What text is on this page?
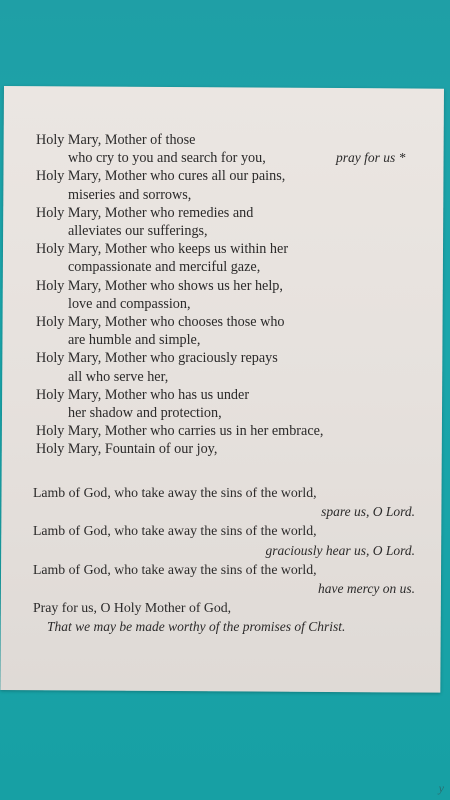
Holy Mary, Mother of those
who cry to you and search for you,	pray for us *
Holy Mary, Mother who cures all our pains,
miseries and sorrows,
Holy Mary, Mother who remedies and
alleviates our sufferings,
Holy Mary, Mother who keeps us within her
compassionate and merciful gaze,
Holy Mary, Mother who shows us her help,
love and compassion,
Holy Mary, Mother who chooses those who
are humble and simple,
Holy Mary, Mother who graciously repays
all who serve her,
Holy Mary, Mother who has us under
her shadow and protection,
Holy Mary, Mother who carries us in her embrace,
Holy Mary, Fountain of our joy,
Lamb of God, who take away the sins of the world,
spare us, O Lord.
Lamb of God, who take away the sins of the world,
graciously hear us, O Lord.
Lamb of God, who take away the sins of the world,
have mercy on us.
Pray for us, O Holy Mother of God,
That we may be made worthy of the promises of Christ.
y
